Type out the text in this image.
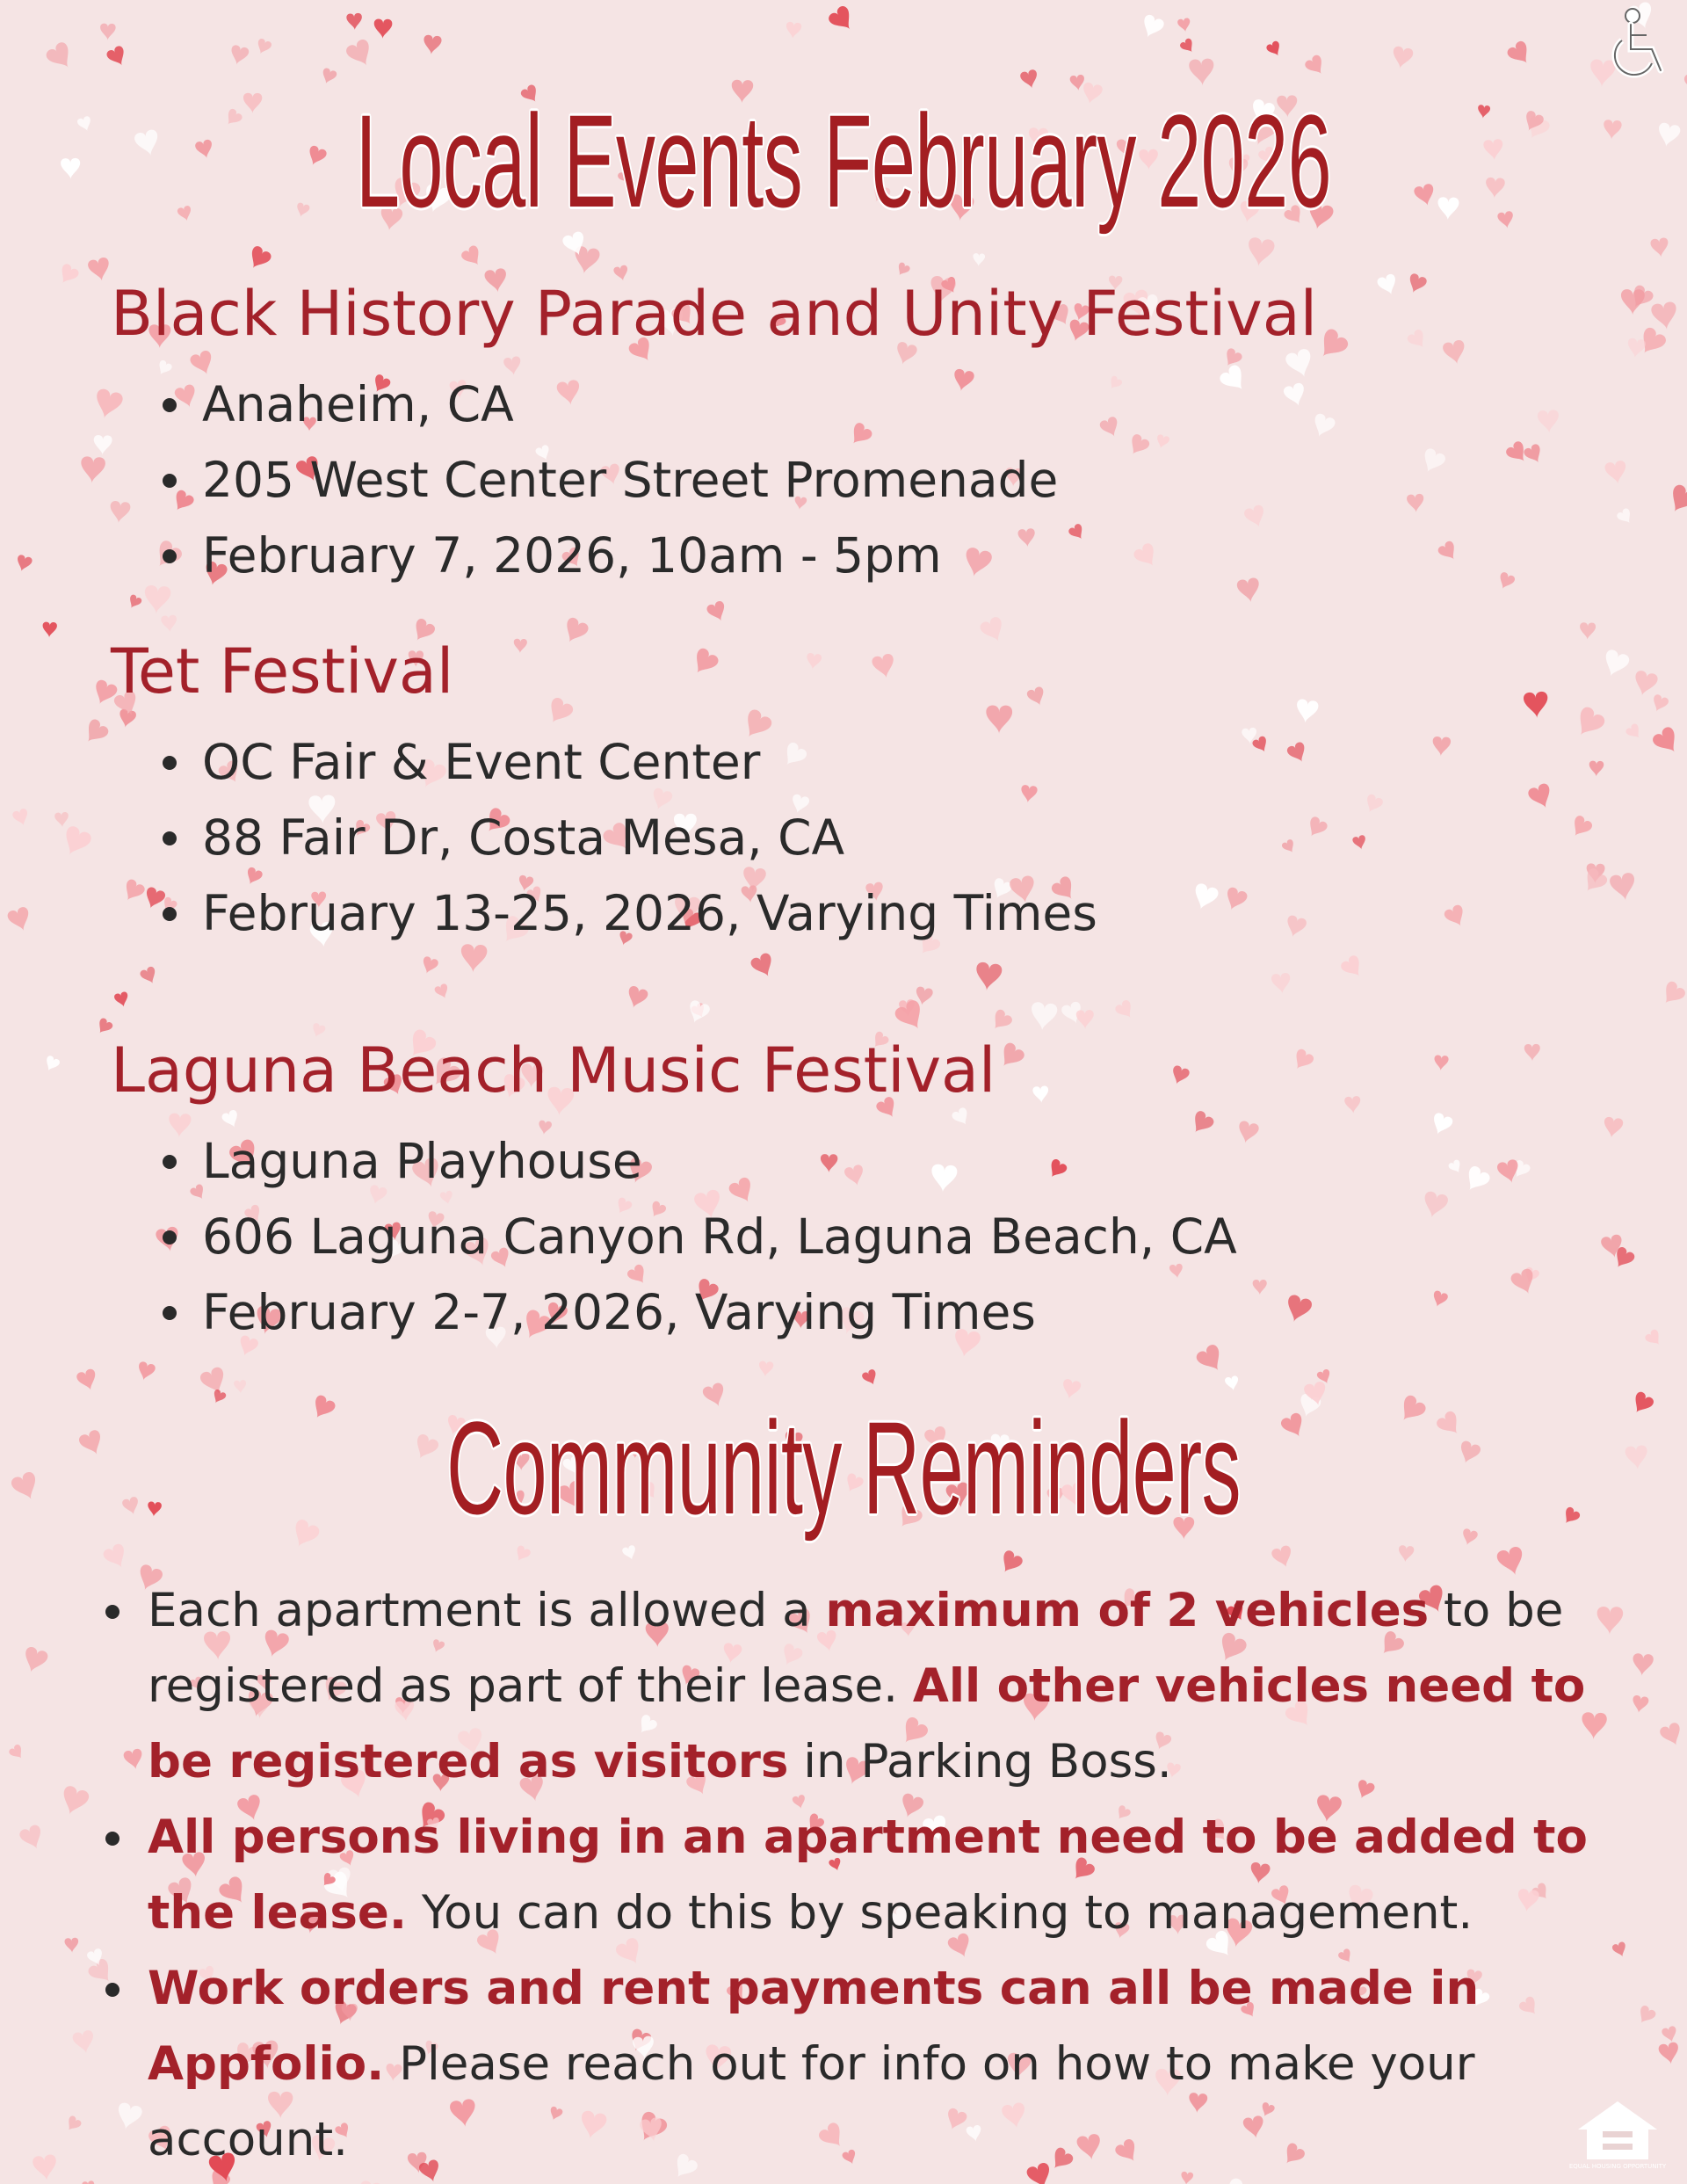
Local Events February 2026
Black History Parade and Unity Festival
Anaheim, CA
205 West Center Street Promenade
February 7, 2026, 10am - 5pm
Tet Festival
OC Fair & Event Center
88 Fair Dr, Costa Mesa, CA
February 13-25, 2026, Varying Times
Laguna Beach Music Festival
Laguna Playhouse
606 Laguna Canyon Rd, Laguna Beach, CA
February 2-7, 2026, Varying Times
Community Reminders
Each apartment is allowed a maximum of 2 vehicles to be registered as part of their lease. All other vehicles need to be registered as visitors in Parking Boss.
All persons living in an apartment need to be added to the lease. You can do this by speaking to management.
Work orders and rent payments can all be made in Appfolio. Please reach out for info on how to make your account.	EQUAL HOUSING OPPORTUNITY
